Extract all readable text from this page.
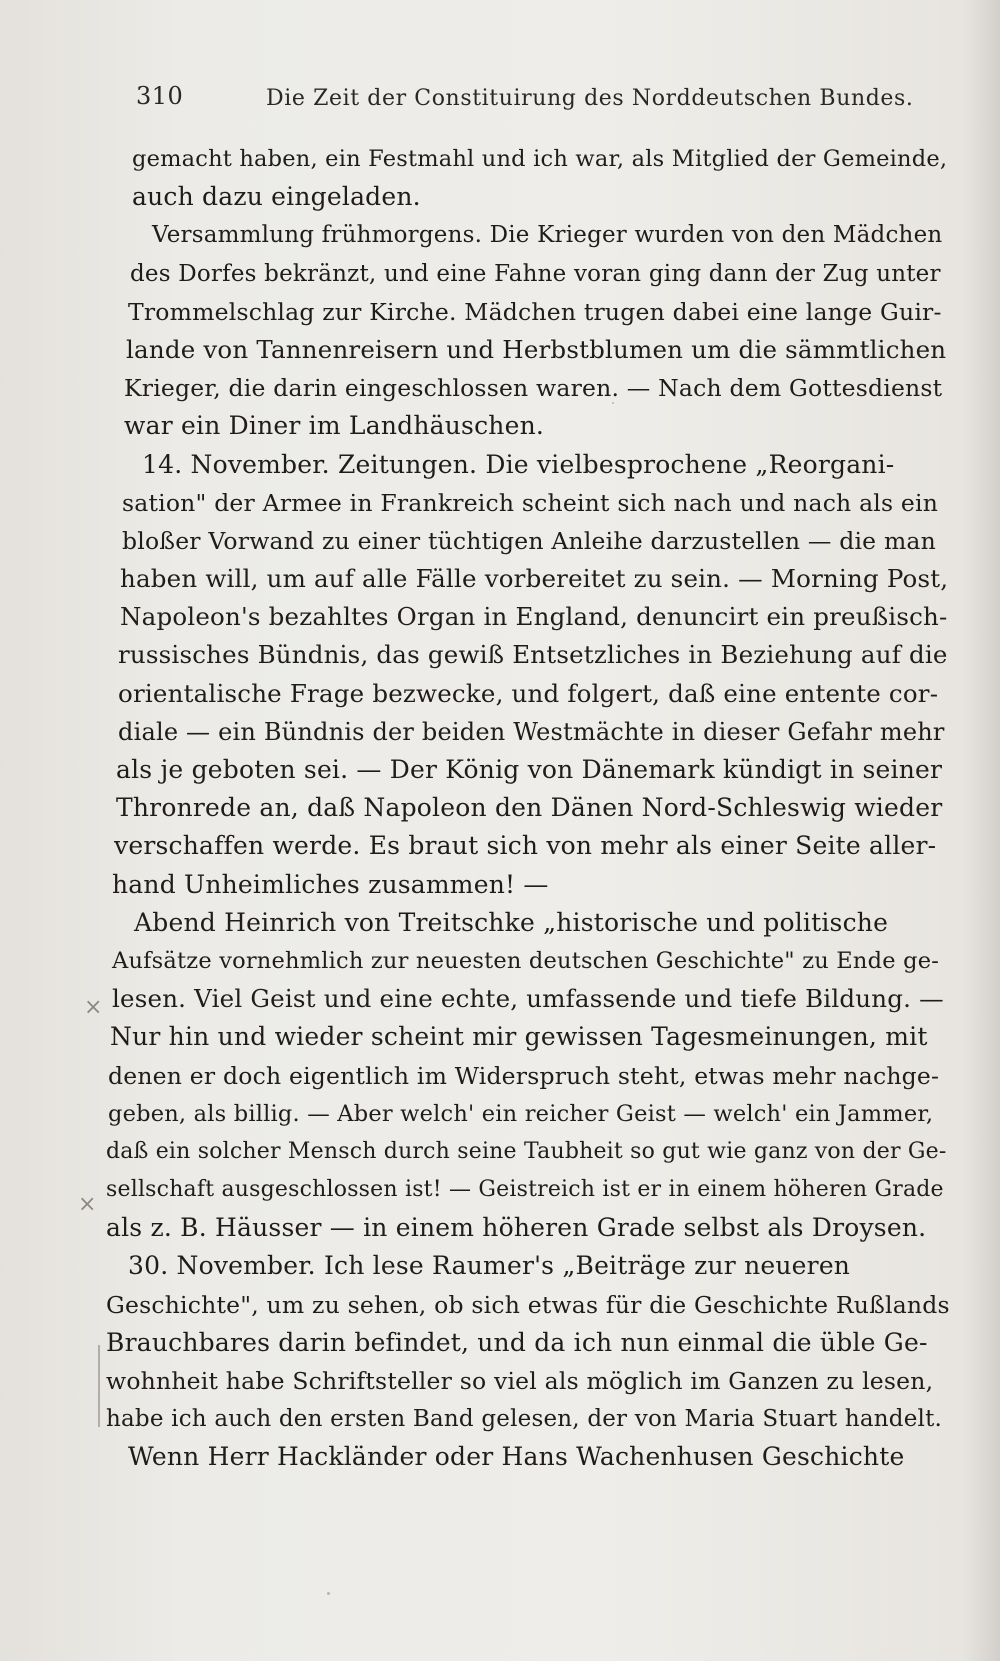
310	Die Zeit der Constituirung des Norddeutschen Bundes.
gemacht haben, ein Festmahl und ich war, als Mitglied der Gemeinde,
auch dazu eingeladen.
Versammlung frühmorgens. Die Krieger wurden von den Mädchen
des Dorfes bekränzt, und eine Fahne voran ging dann der Zug unter
Trommelschlag zur Kirche. Mädchen trugen dabei eine lange Guir-
lande von Tannenreisern und Herbstblumen um die sämmtlichen
Krieger, die darin eingeschlossen waren. — Nach dem Gottesdienst
war ein Diner im Landhäuschen.
14. November. Zeitungen. Die vielbesprochene „Reorgani-
sation" der Armee in Frankreich scheint sich nach und nach als ein
bloßer Vorwand zu einer tüchtigen Anleihe darzustellen — die man
haben will, um auf alle Fälle vorbereitet zu sein. — Morning Post,
Napoleon's bezahltes Organ in England, denuncirt ein preußisch-
russisches Bündnis, das gewiß Entsetzliches in Beziehung auf die
orientalische Frage bezwecke, und folgert, daß eine entente cor-
diale — ein Bündnis der beiden Westmächte in dieser Gefahr mehr
als je geboten sei. — Der König von Dänemark kündigt in seiner
Thronrede an, daß Napoleon den Dänen Nord-Schleswig wieder
verschaffen werde. Es braut sich von mehr als einer Seite aller-
hand Unheimliches zusammen! —
Abend Heinrich von Treitschke „historische und politische
Aufsätze vornehmlich zur neuesten deutschen Geschichte" zu Ende ge-
lesen. Viel Geist und eine echte, umfassende und tiefe Bildung. —
Nur hin und wieder scheint mir gewissen Tagesmeinungen, mit
denen er doch eigentlich im Widerspruch steht, etwas mehr nachge-
geben, als billig. — Aber welch' ein reicher Geist — welch' ein Jammer,
daß ein solcher Mensch durch seine Taubheit so gut wie ganz von der Ge-
sellschaft ausgeschlossen ist! — Geistreich ist er in einem höheren Grade
als z. B. Häusser — in einem höheren Grade selbst als Droysen.
30. November. Ich lese Raumer's „Beiträge zur neueren
Geschichte", um zu sehen, ob sich etwas für die Geschichte Rußlands
Brauchbares darin befindet, und da ich nun einmal die üble Ge-
wohnheit habe Schriftsteller so viel als möglich im Ganzen zu lesen,
habe ich auch den ersten Band gelesen, der von Maria Stuart handelt.
Wenn Herr Hackländer oder Hans Wachenhusen Geschichte
×
×
